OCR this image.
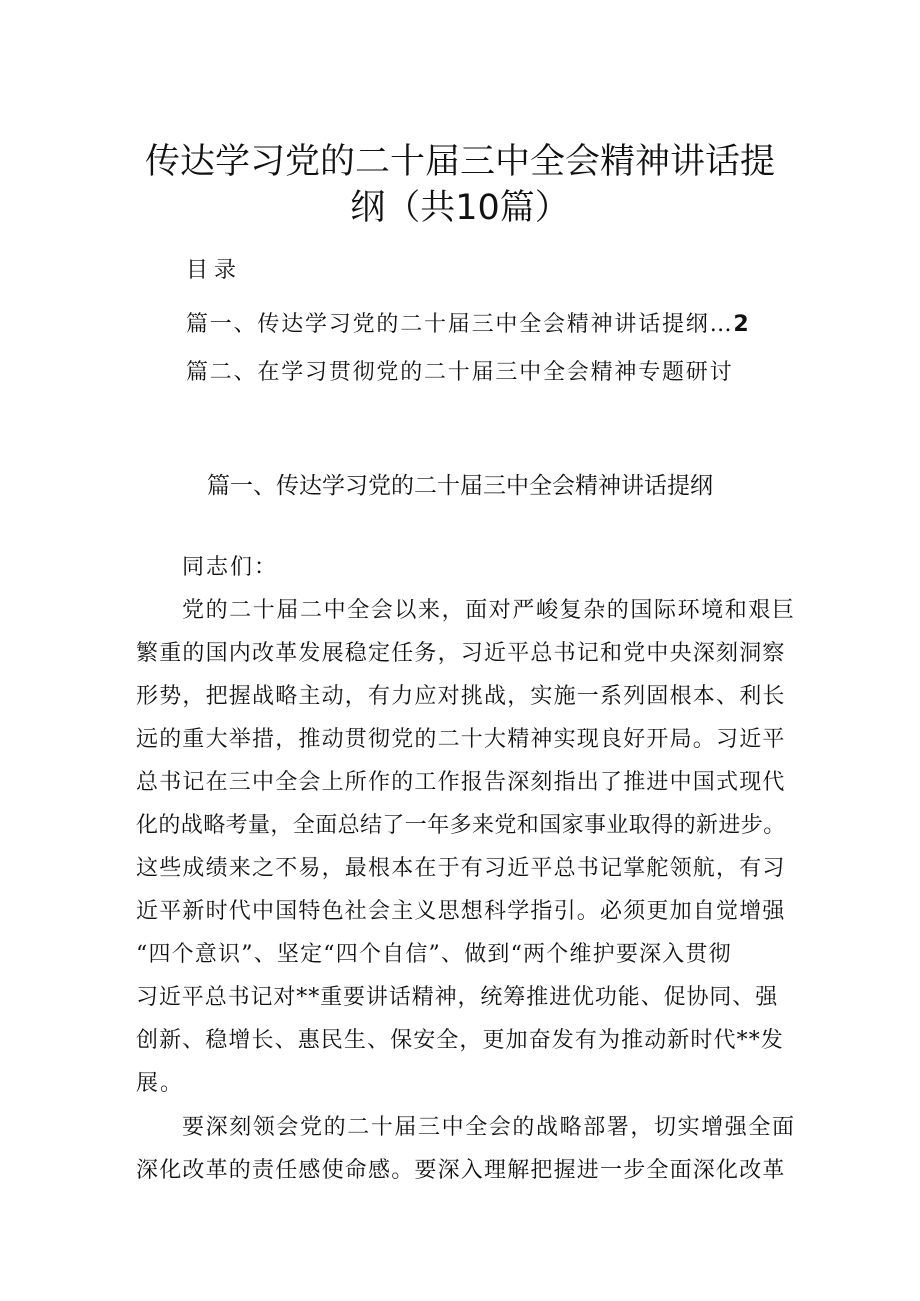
传达学习党的二十届三中全会精神讲话提
纲（共10篇）
目录
篇一、传达学习党的二十届三中全会精神讲话提纲…2
篇二、在学习贯彻党的二十届三中全会精神专题研讨
篇一、传达学习党的二十届三中全会精神讲话提纲
同志们：
党的二十届二中全会以来，面对严峻复杂的国际环境和艰巨
繁重的国内改革发展稳定任务，习近平总书记和党中央深刻洞察
形势，把握战略主动，有力应对挑战，实施一系列固根本、利长
远的重大举措，推动贯彻党的二十大精神实现良好开局。习近平
总书记在三中全会上所作的工作报告深刻指出了推进中国式现代
化的战略考量，全面总结了一年多来党和国家事业取得的新进步。
这些成绩来之不易，最根本在于有习近平总书记掌舵领航，有习
近平新时代中国特色社会主义思想科学指引。必须更加自觉增强
“四个意识”、坚定“四个自信”、做到“两个维护要深入贯彻
习近平总书记对**重要讲话精神，统筹推进优功能、促协同、强
创新、稳增长、惠民生、保安全，更加奋发有为推动新时代**发
展。
要深刻领会党的二十届三中全会的战略部署，切实增强全面
深化改革的责任感使命感。要深入理解把握进一步全面深化改革
